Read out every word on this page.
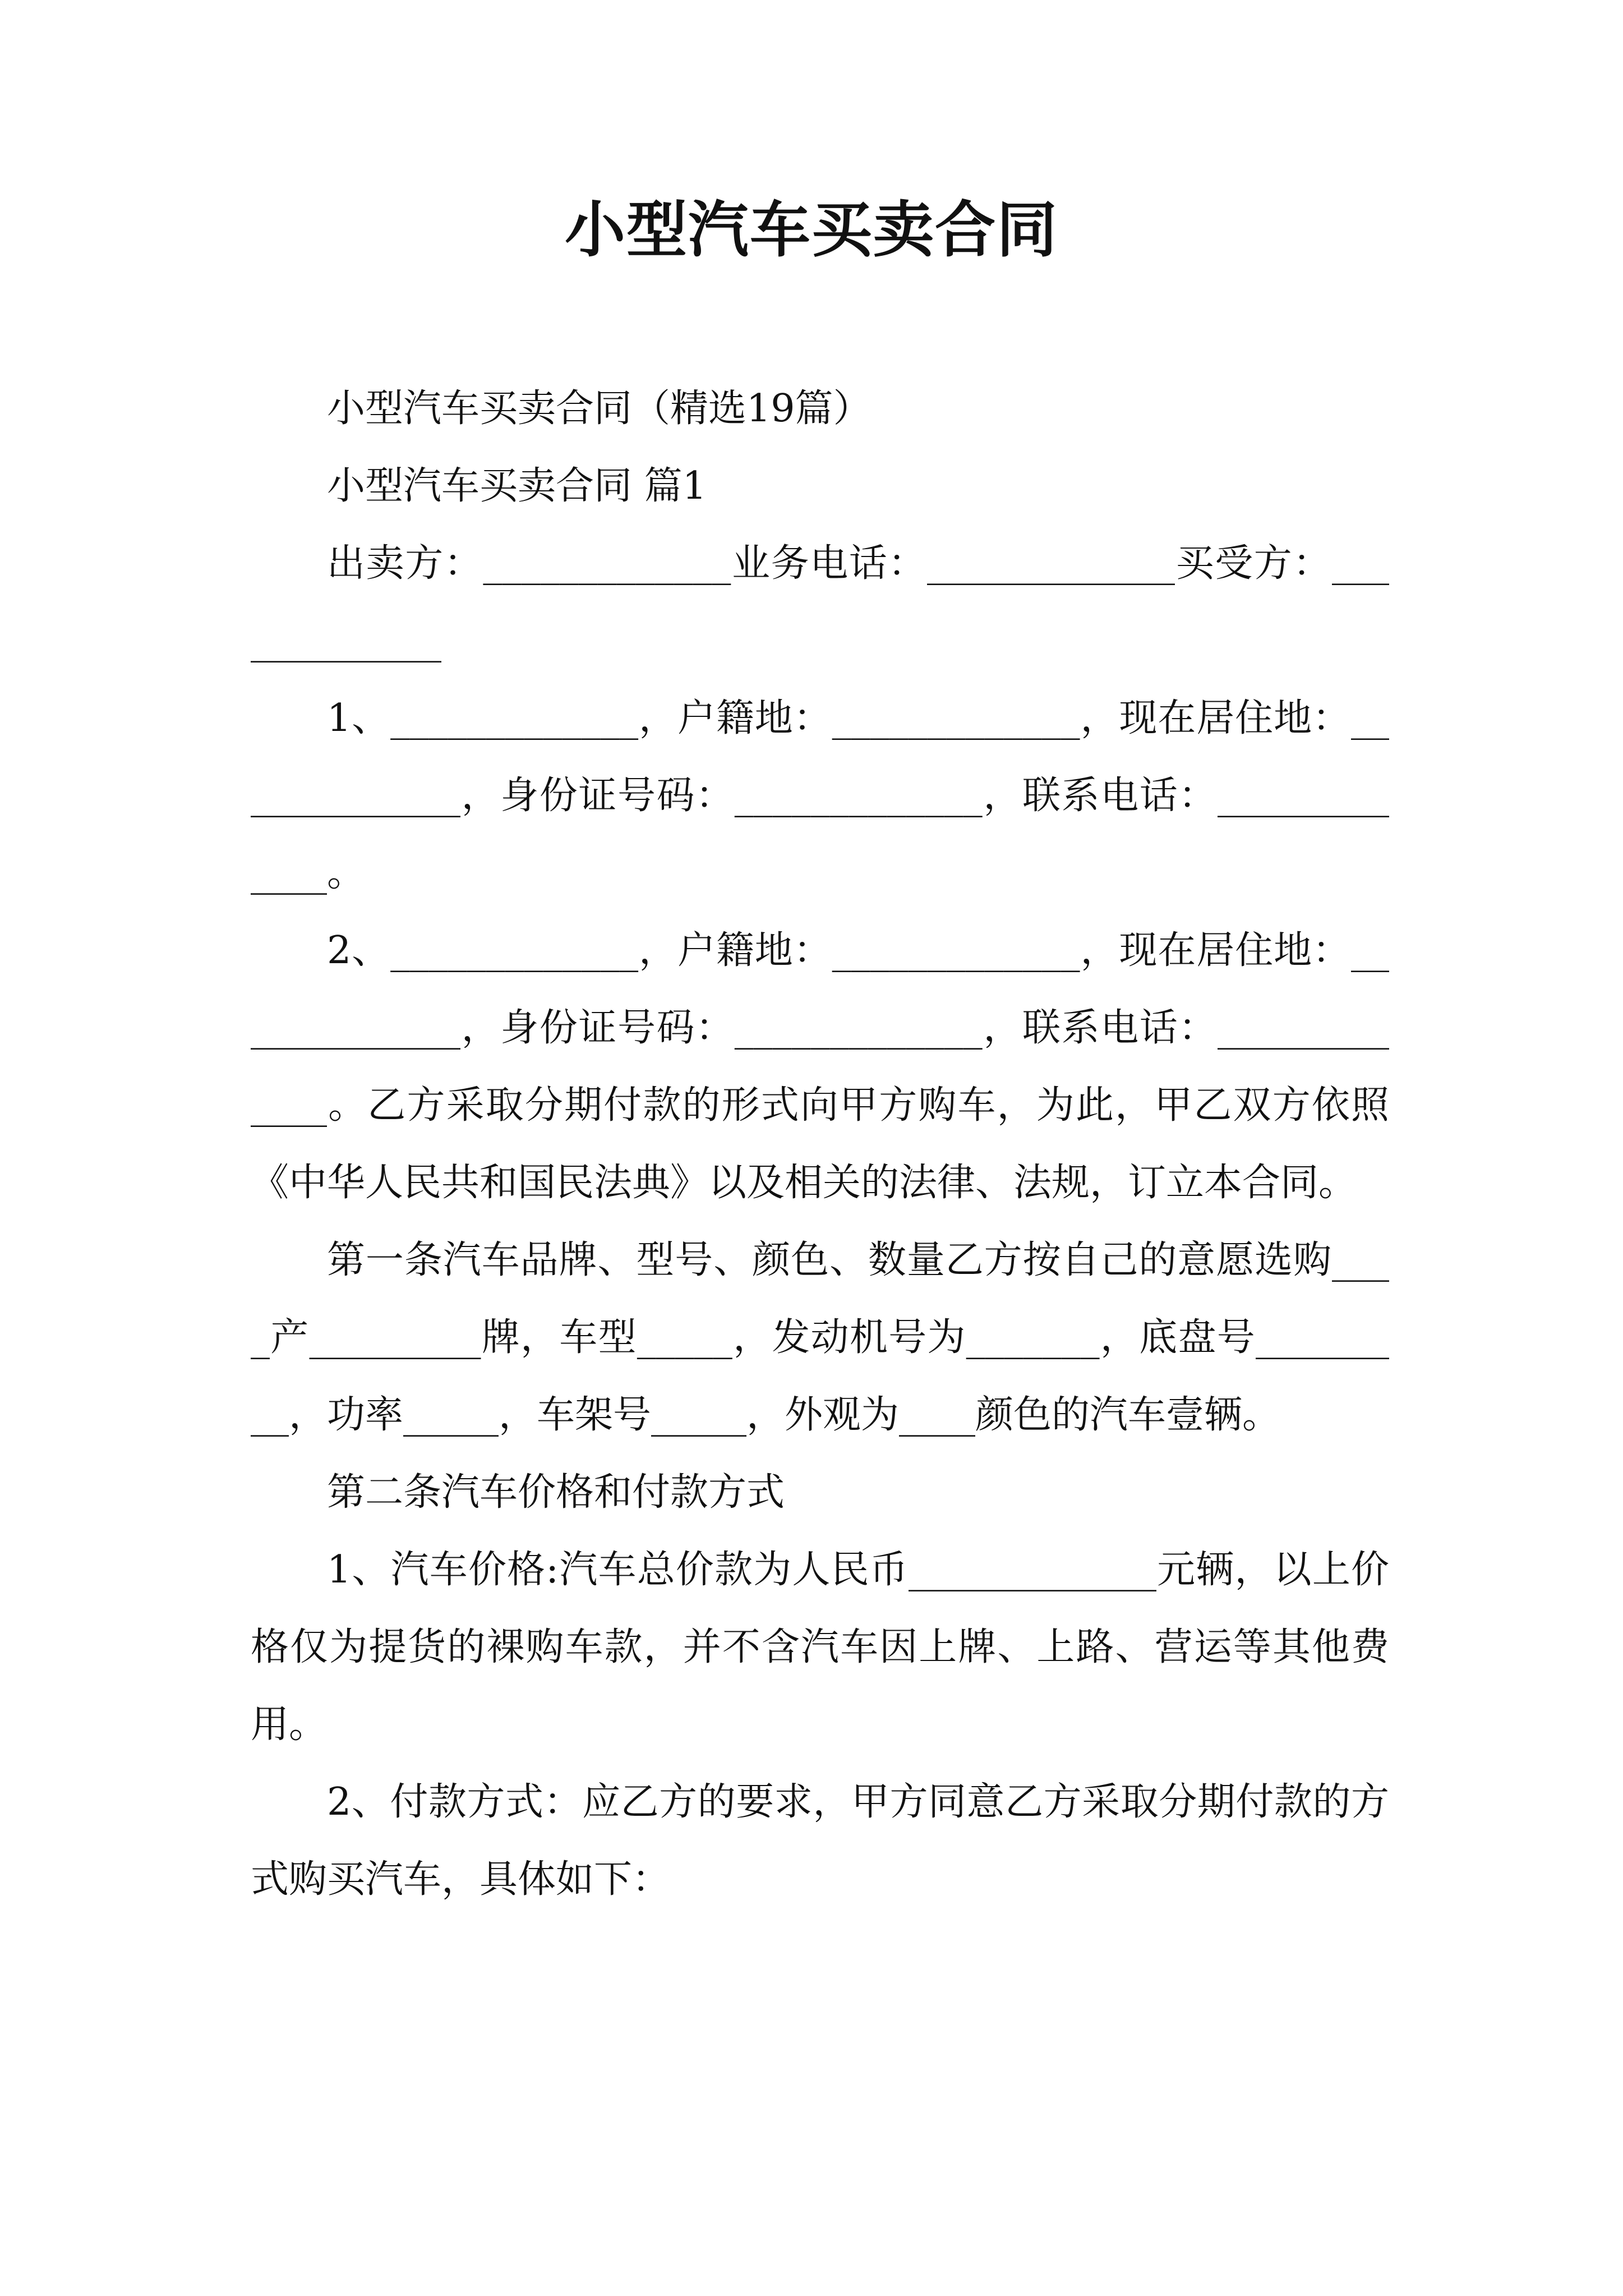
小型汽车买卖合同

小型汽车买卖合同（精选19篇）

小型汽车买卖合同 篇1

出卖方：_____________业务电话：_____________买受方：_____________

1、_____________，户籍地：_____________，现在居住地：_____________，身份证号码：_____________，联系电话：_____________。

2、_____________，户籍地：_____________，现在居住地：_____________，身份证号码：_____________，联系电话：_____________。乙方采取分期付款的形式向甲方购车，为此，甲乙双方依照《中华人民共和国民法典》以及相关的法律、法规，订立本合同。

第一条汽车品牌、型号、颜色、数量乙方按自己的意愿选购____产_________牌，车型_____，发动机号为_______，底盘号_________，功率_____，车架号_____，外观为____颜色的汽车壹辆。

第二条汽车价格和付款方式

1、汽车价格:汽车总价款为人民币_____________元辆，以上价格仅为提货的裸购车款，并不含汽车因上牌、上路、营运等其他费用。

2、付款方式：应乙方的要求，甲方同意乙方采取分期付款的方式购买汽车，具体如下：
